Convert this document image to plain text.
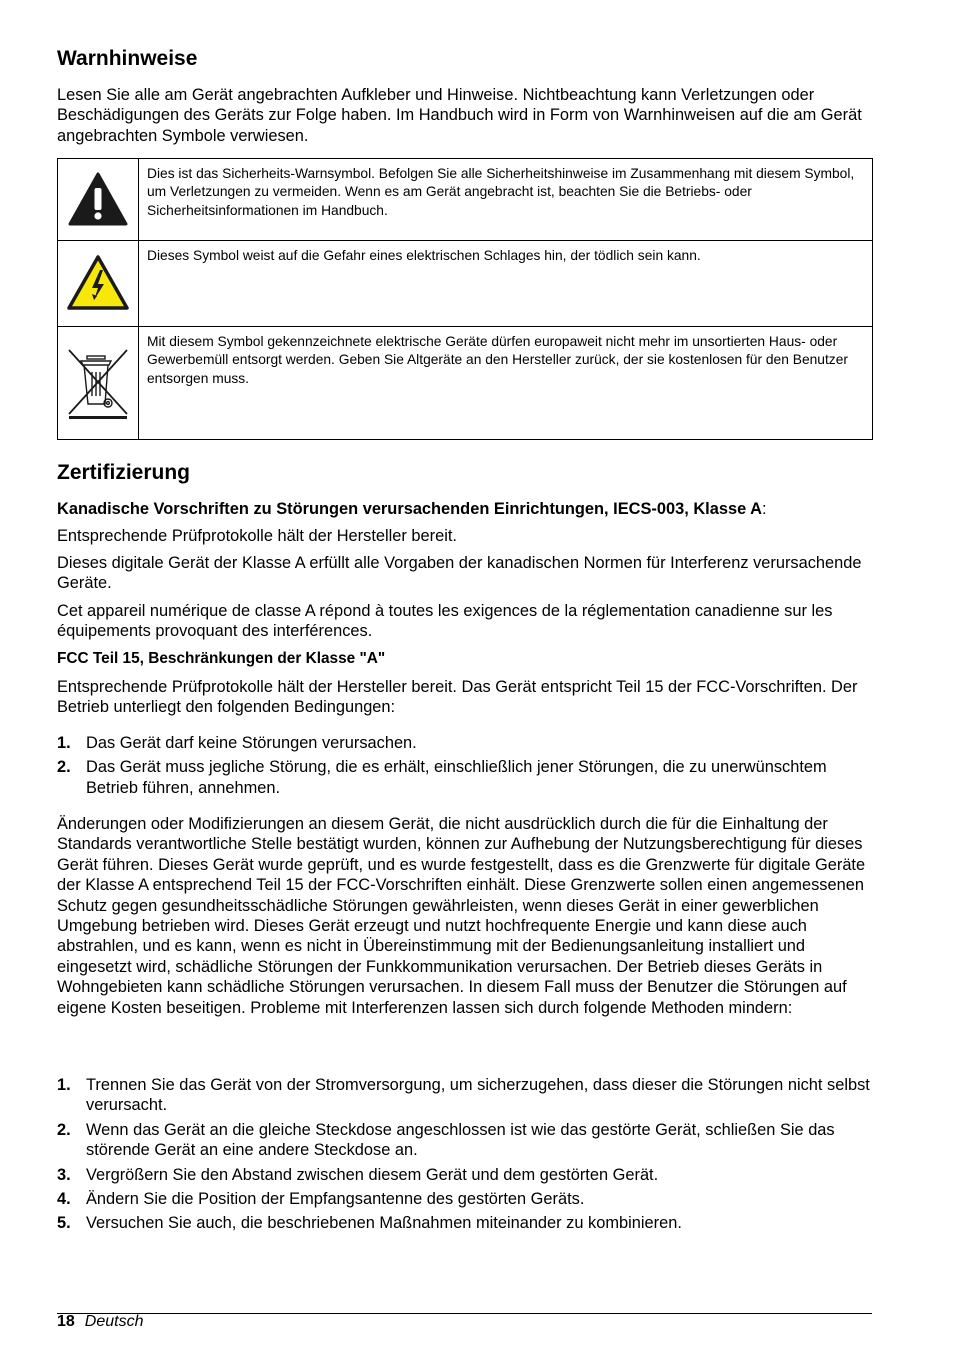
Warnhinweise

Lesen Sie alle am Gerät angebrachten Aufkleber und Hinweise. Nichtbeachtung kann Verletzungen oder Beschädigungen des Geräts zur Folge haben. Im Handbuch wird in Form von Warnhinweisen auf die am Gerät angebrachten Symbole verwiesen.

	Dies ist das Sicherheits-Warnsymbol. Befolgen Sie alle Sicherheitshinweise im Zusammenhang mit diesem Symbol, um Verletzungen zu vermeiden. Wenn es am Gerät angebracht ist, beachten Sie die Betriebs- oder Sicherheitsinformationen im Handbuch.

	Dieses Symbol weist auf die Gefahr eines elektrischen Schlages hin, der tödlich sein kann.

	Mit diesem Symbol gekennzeichnete elektrische Geräte dürfen europaweit nicht mehr im unsortierten Haus- oder Gewerbemüll entsorgt werden. Geben Sie Altgeräte an den Hersteller zurück, der sie kostenlosen für den Benutzer entsorgen muss.
Zertifizierung

Kanadische Vorschriften zu Störungen verursachenden Einrichtungen, IECS-003, Klasse A:

Entsprechende Prüfprotokolle hält der Hersteller bereit.

Dieses digitale Gerät der Klasse A erfüllt alle Vorgaben der kanadischen Normen für Interferenz verursachende Geräte.

Cet appareil numérique de classe A répond à toutes les exigences de la réglementation canadienne sur les équipements provoquant des interférences.

FCC Teil 15, Beschränkungen der Klasse "A"

Entsprechende Prüfprotokolle hält der Hersteller bereit. Das Gerät entspricht Teil 15 der FCC-Vorschriften. Der Betrieb unterliegt den folgenden Bedingungen:

1. Das Gerät darf keine Störungen verursachen.
2. Das Gerät muss jegliche Störung, die es erhält, einschließlich jener Störungen, die zu unerwünschtem Betrieb führen, annehmen.

Änderungen oder Modifizierungen an diesem Gerät, die nicht ausdrücklich durch die für die Einhaltung der Standards verantwortliche Stelle bestätigt wurden, können zur Aufhebung der Nutzungsberechtigung für dieses Gerät führen. Dieses Gerät wurde geprüft, und es wurde festgestellt, dass es die Grenzwerte für digitale Geräte der Klasse A entsprechend Teil 15 der FCC-Vorschriften einhält. Diese Grenzwerte sollen einen angemessenen Schutz gegen gesundheitsschädliche Störungen gewährleisten, wenn dieses Gerät in einer gewerblichen Umgebung betrieben wird. Dieses Gerät erzeugt und nutzt hochfrequente Energie und kann diese auch abstrahlen, und es kann, wenn es nicht in Übereinstimmung mit der Bedienungsanleitung installiert und eingesetzt wird, schädliche Störungen der Funkkommunikation verursachen. Der Betrieb dieses Geräts in Wohngebieten kann schädliche Störungen verursachen. In diesem Fall muss der Benutzer die Störungen auf eigene Kosten beseitigen. Probleme mit Interferenzen lassen sich durch folgende Methoden mindern:

1. Trennen Sie das Gerät von der Stromversorgung, um sicherzugehen, dass dieser die Störungen nicht selbst verursacht.
2. Wenn das Gerät an die gleiche Steckdose angeschlossen ist wie das gestörte Gerät, schließen Sie das störende Gerät an eine andere Steckdose an.
3. Vergrößern Sie den Abstand zwischen diesem Gerät und dem gestörten Gerät.
4. Ändern Sie die Position der Empfangsantenne des gestörten Geräts.
5. Versuchen Sie auch, die beschriebenen Maßnahmen miteinander zu kombinieren.
18 Deutsch
